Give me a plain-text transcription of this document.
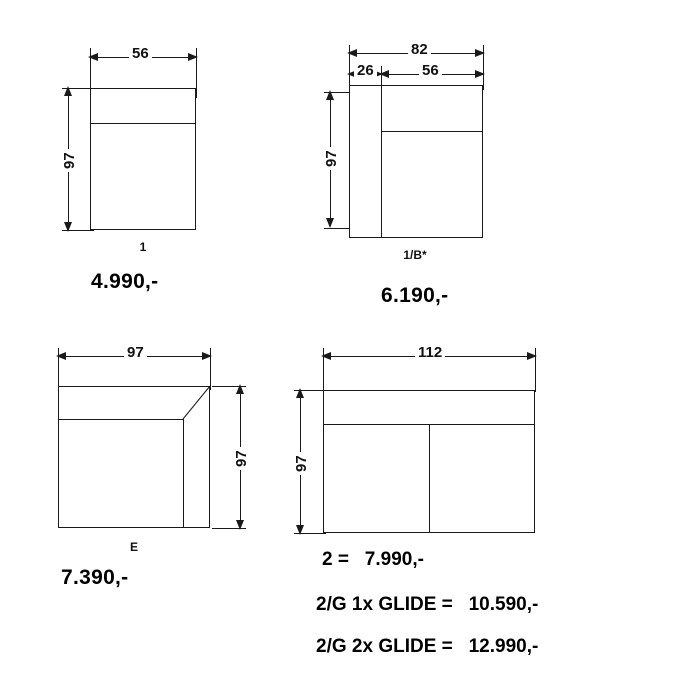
56
97
1
4.990,-
82
26	56
97
1/B*
6.190,-
97
97
E
7.390,-
112
97
2 = 7.990,-
2/G 1x GLIDE = 10.590,-
2/G 2x GLIDE = 12.990,-
